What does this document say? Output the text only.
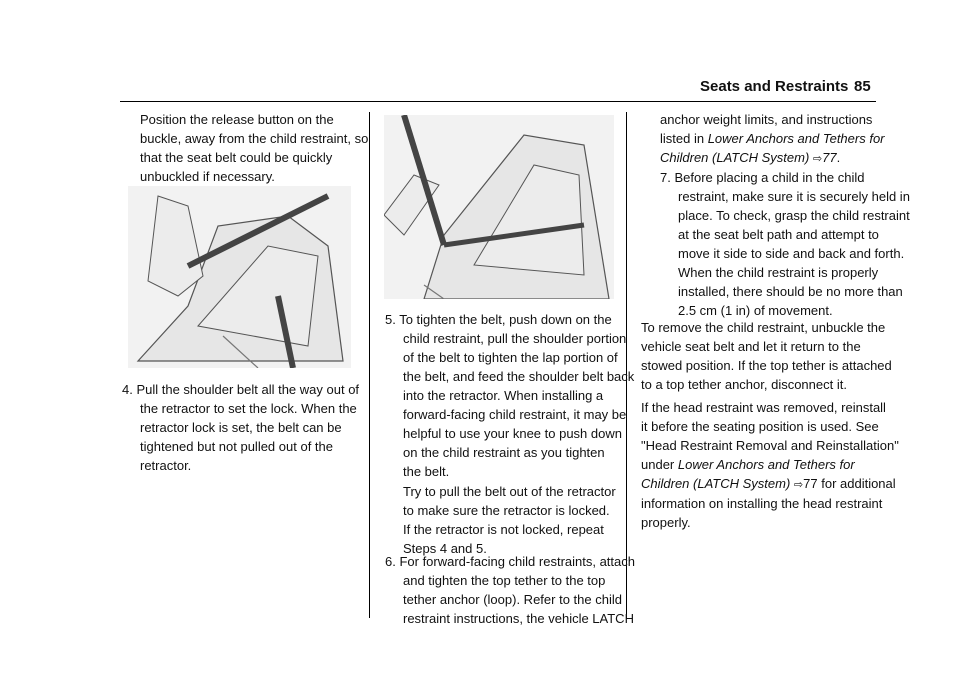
Seats and Restraints 85

Position the release button on the
buckle, away from the child restraint, so
that the seat belt could be quickly
unbuckled if necessary.

4. Pull the shoulder belt all the way out of
the retractor to set the lock. When the
retractor lock is set, the belt can be
tightened but not pulled out of the
retractor.

5. To tighten the belt, push down on the
child restraint, pull the shoulder portion
of the belt to tighten the lap portion of
the belt, and feed the shoulder belt back
into the retractor. When installing a
forward-facing child restraint, it may be
helpful to use your knee to push down
on the child restraint as you tighten
the belt.

Try to pull the belt out of the retractor
to make sure the retractor is locked.
If the retractor is not locked, repeat
Steps 4 and 5.

6. For forward-facing child restraints, attach
and tighten the top tether to the top
tether anchor (loop). Refer to the child
restraint instructions, the vehicle LATCH

anchor weight limits, and instructions
listed in Lower Anchors and Tethers for
Children (LATCH System) ⇨77.

7. Before placing a child in the child
restraint, make sure it is securely held in
place. To check, grasp the child restraint
at the seat belt path and attempt to
move it side to side and back and forth.
When the child restraint is properly
installed, there should be no more than
2.5 cm (1 in) of movement.

To remove the child restraint, unbuckle the
vehicle seat belt and let it return to the
stowed position. If the top tether is attached
to a top tether anchor, disconnect it.

If the head restraint was removed, reinstall
it before the seating position is used. See
"Head Restraint Removal and Reinstallation"
under Lower Anchors and Tethers for
Children (LATCH System) ⇨77 for additional
information on installing the head restraint
properly.
